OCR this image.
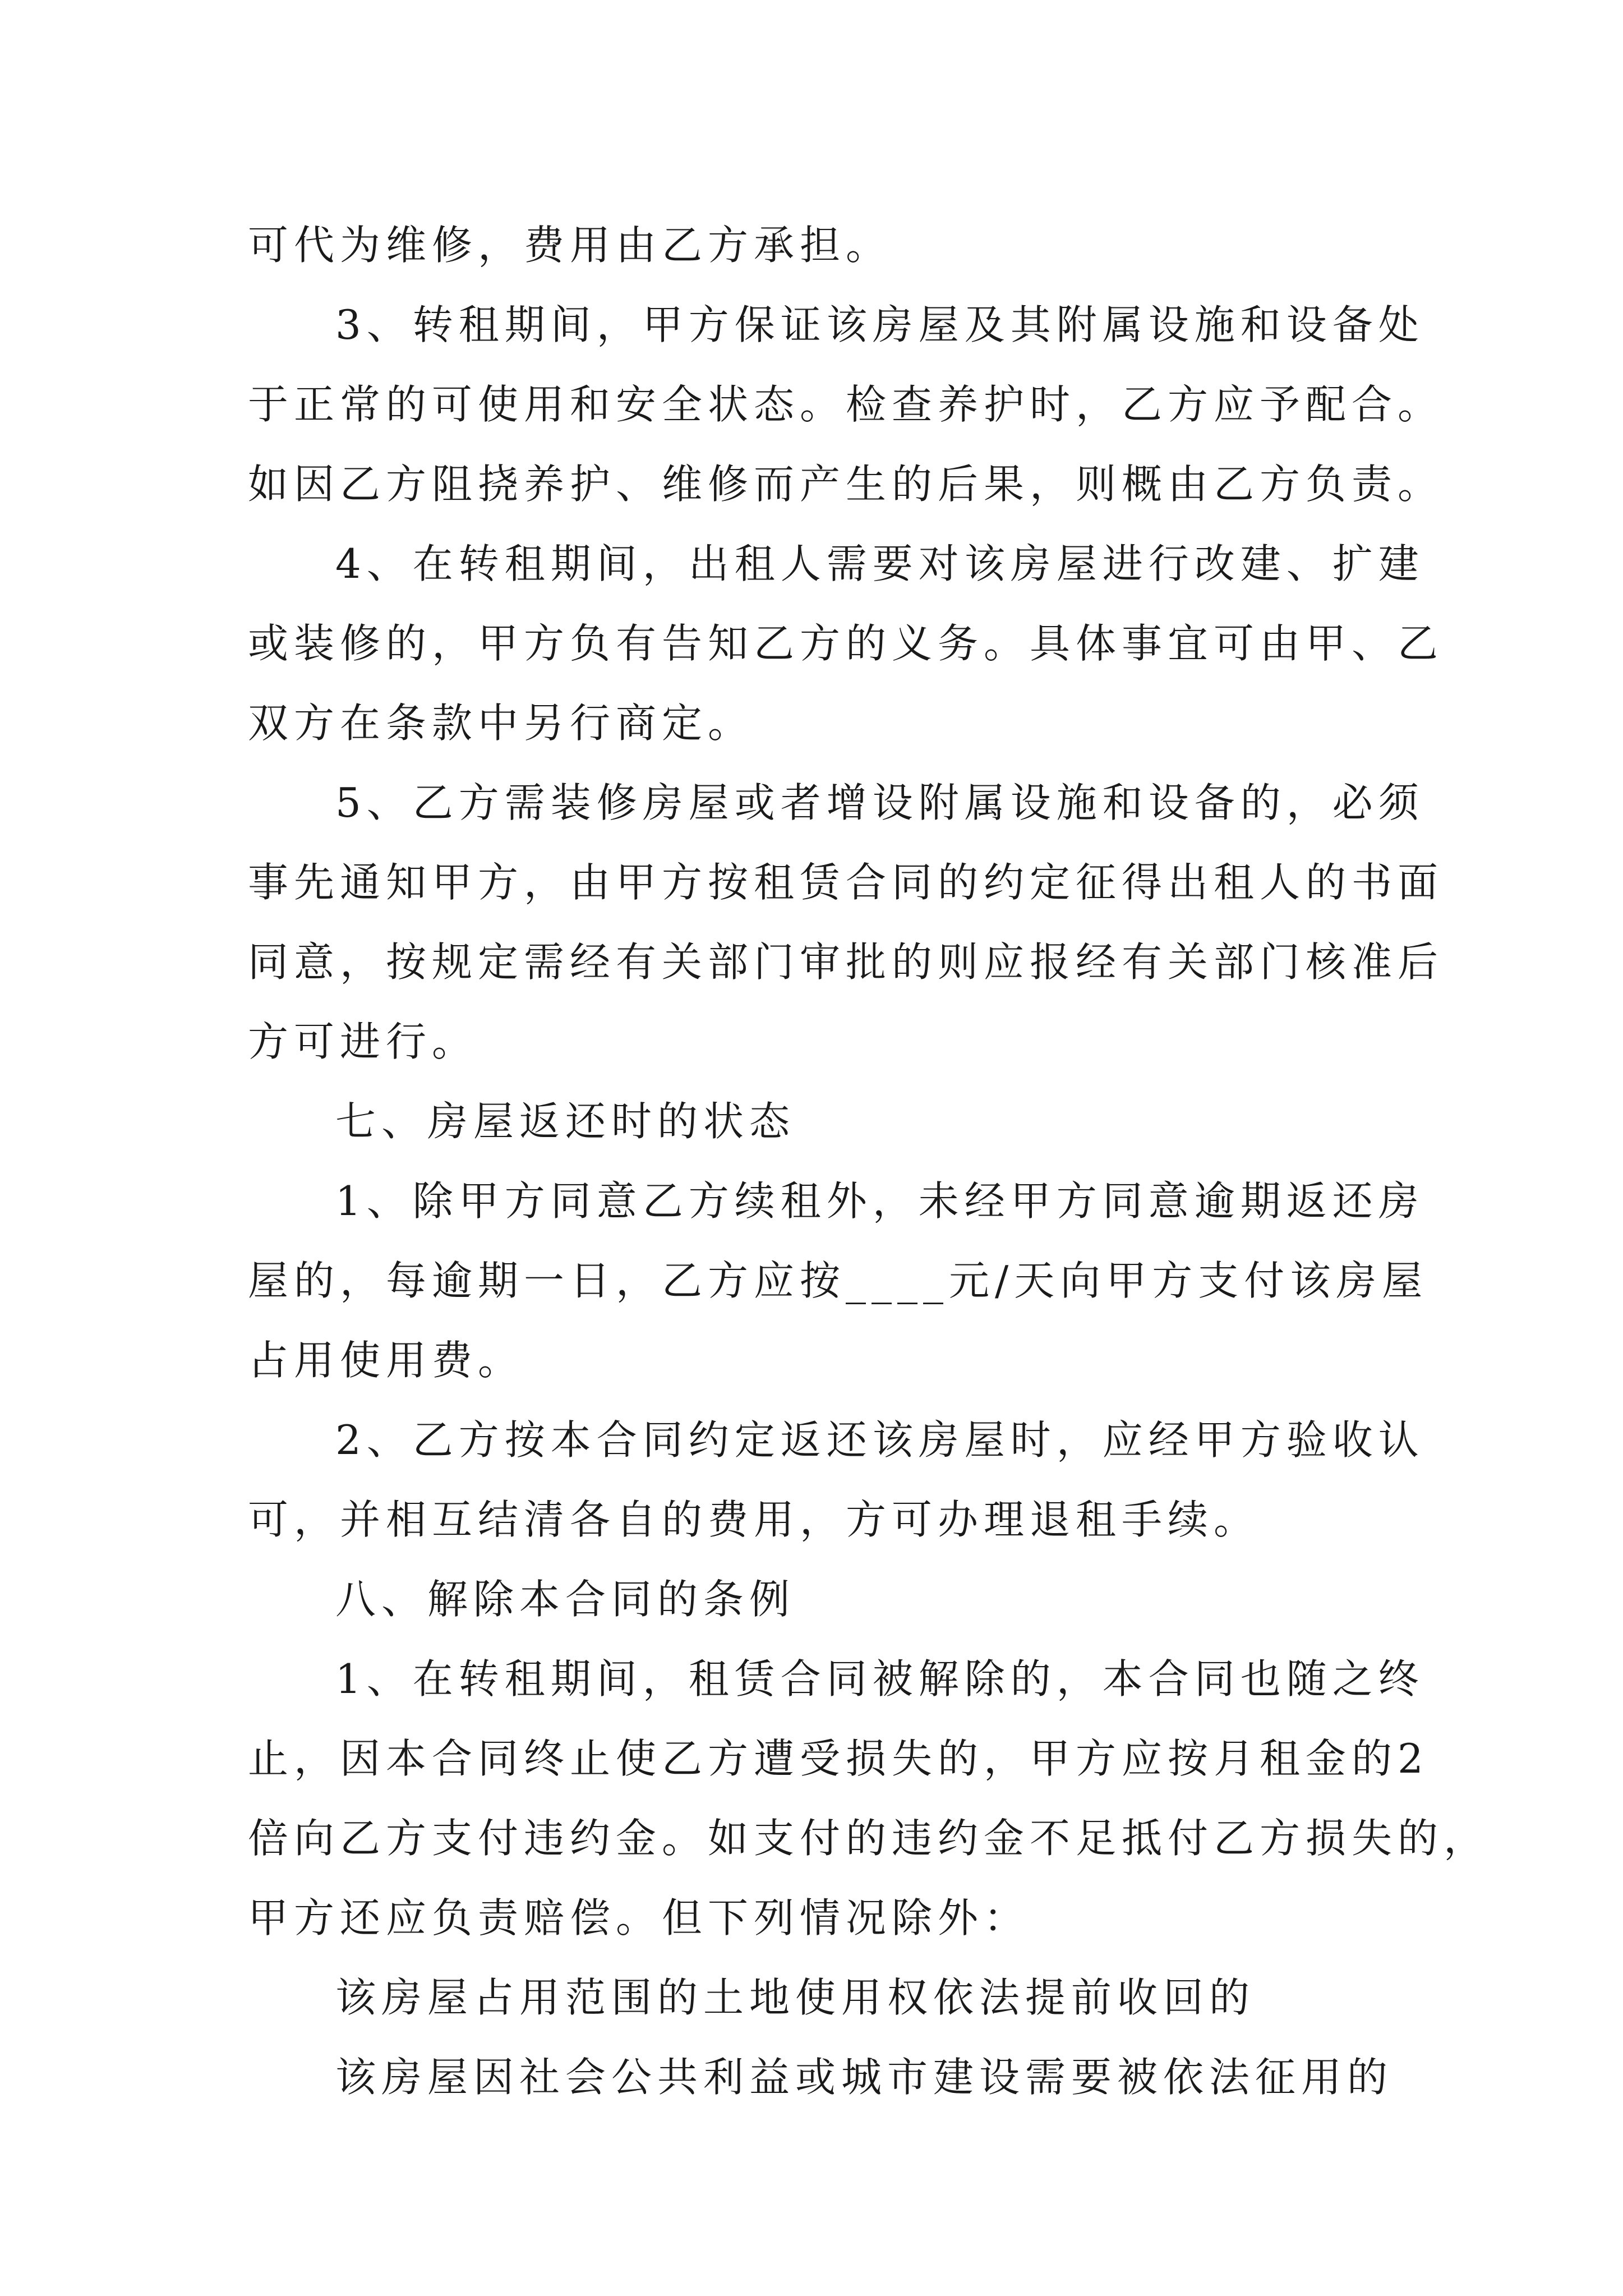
可代为维修，费用由乙方承担。
3、转租期间，甲方保证该房屋及其附属设施和设备处
于正常的可使用和安全状态。检查养护时，乙方应予配合。
如因乙方阻挠养护、维修而产生的后果，则概由乙方负责。
4、在转租期间，出租人需要对该房屋进行改建、扩建
或装修的，甲方负有告知乙方的义务。具体事宜可由甲、乙
双方在条款中另行商定。
5、乙方需装修房屋或者增设附属设施和设备的，必须
事先通知甲方，由甲方按租赁合同的约定征得出租人的书面
同意，按规定需经有关部门审批的则应报经有关部门核准后
方可进行。
七、房屋返还时的状态
1、除甲方同意乙方续租外，未经甲方同意逾期返还房
屋的，每逾期一日，乙方应按____元/天向甲方支付该房屋
占用使用费。
2、乙方按本合同约定返还该房屋时，应经甲方验收认
可，并相互结清各自的费用，方可办理退租手续。
八、解除本合同的条例
1、在转租期间，租赁合同被解除的，本合同也随之终
止，因本合同终止使乙方遭受损失的，甲方应按月租金的2
倍向乙方支付违约金。如支付的违约金不足抵付乙方损失的，
甲方还应负责赔偿。但下列情况除外：
该房屋占用范围的土地使用权依法提前收回的
该房屋因社会公共利益或城市建设需要被依法征用的
